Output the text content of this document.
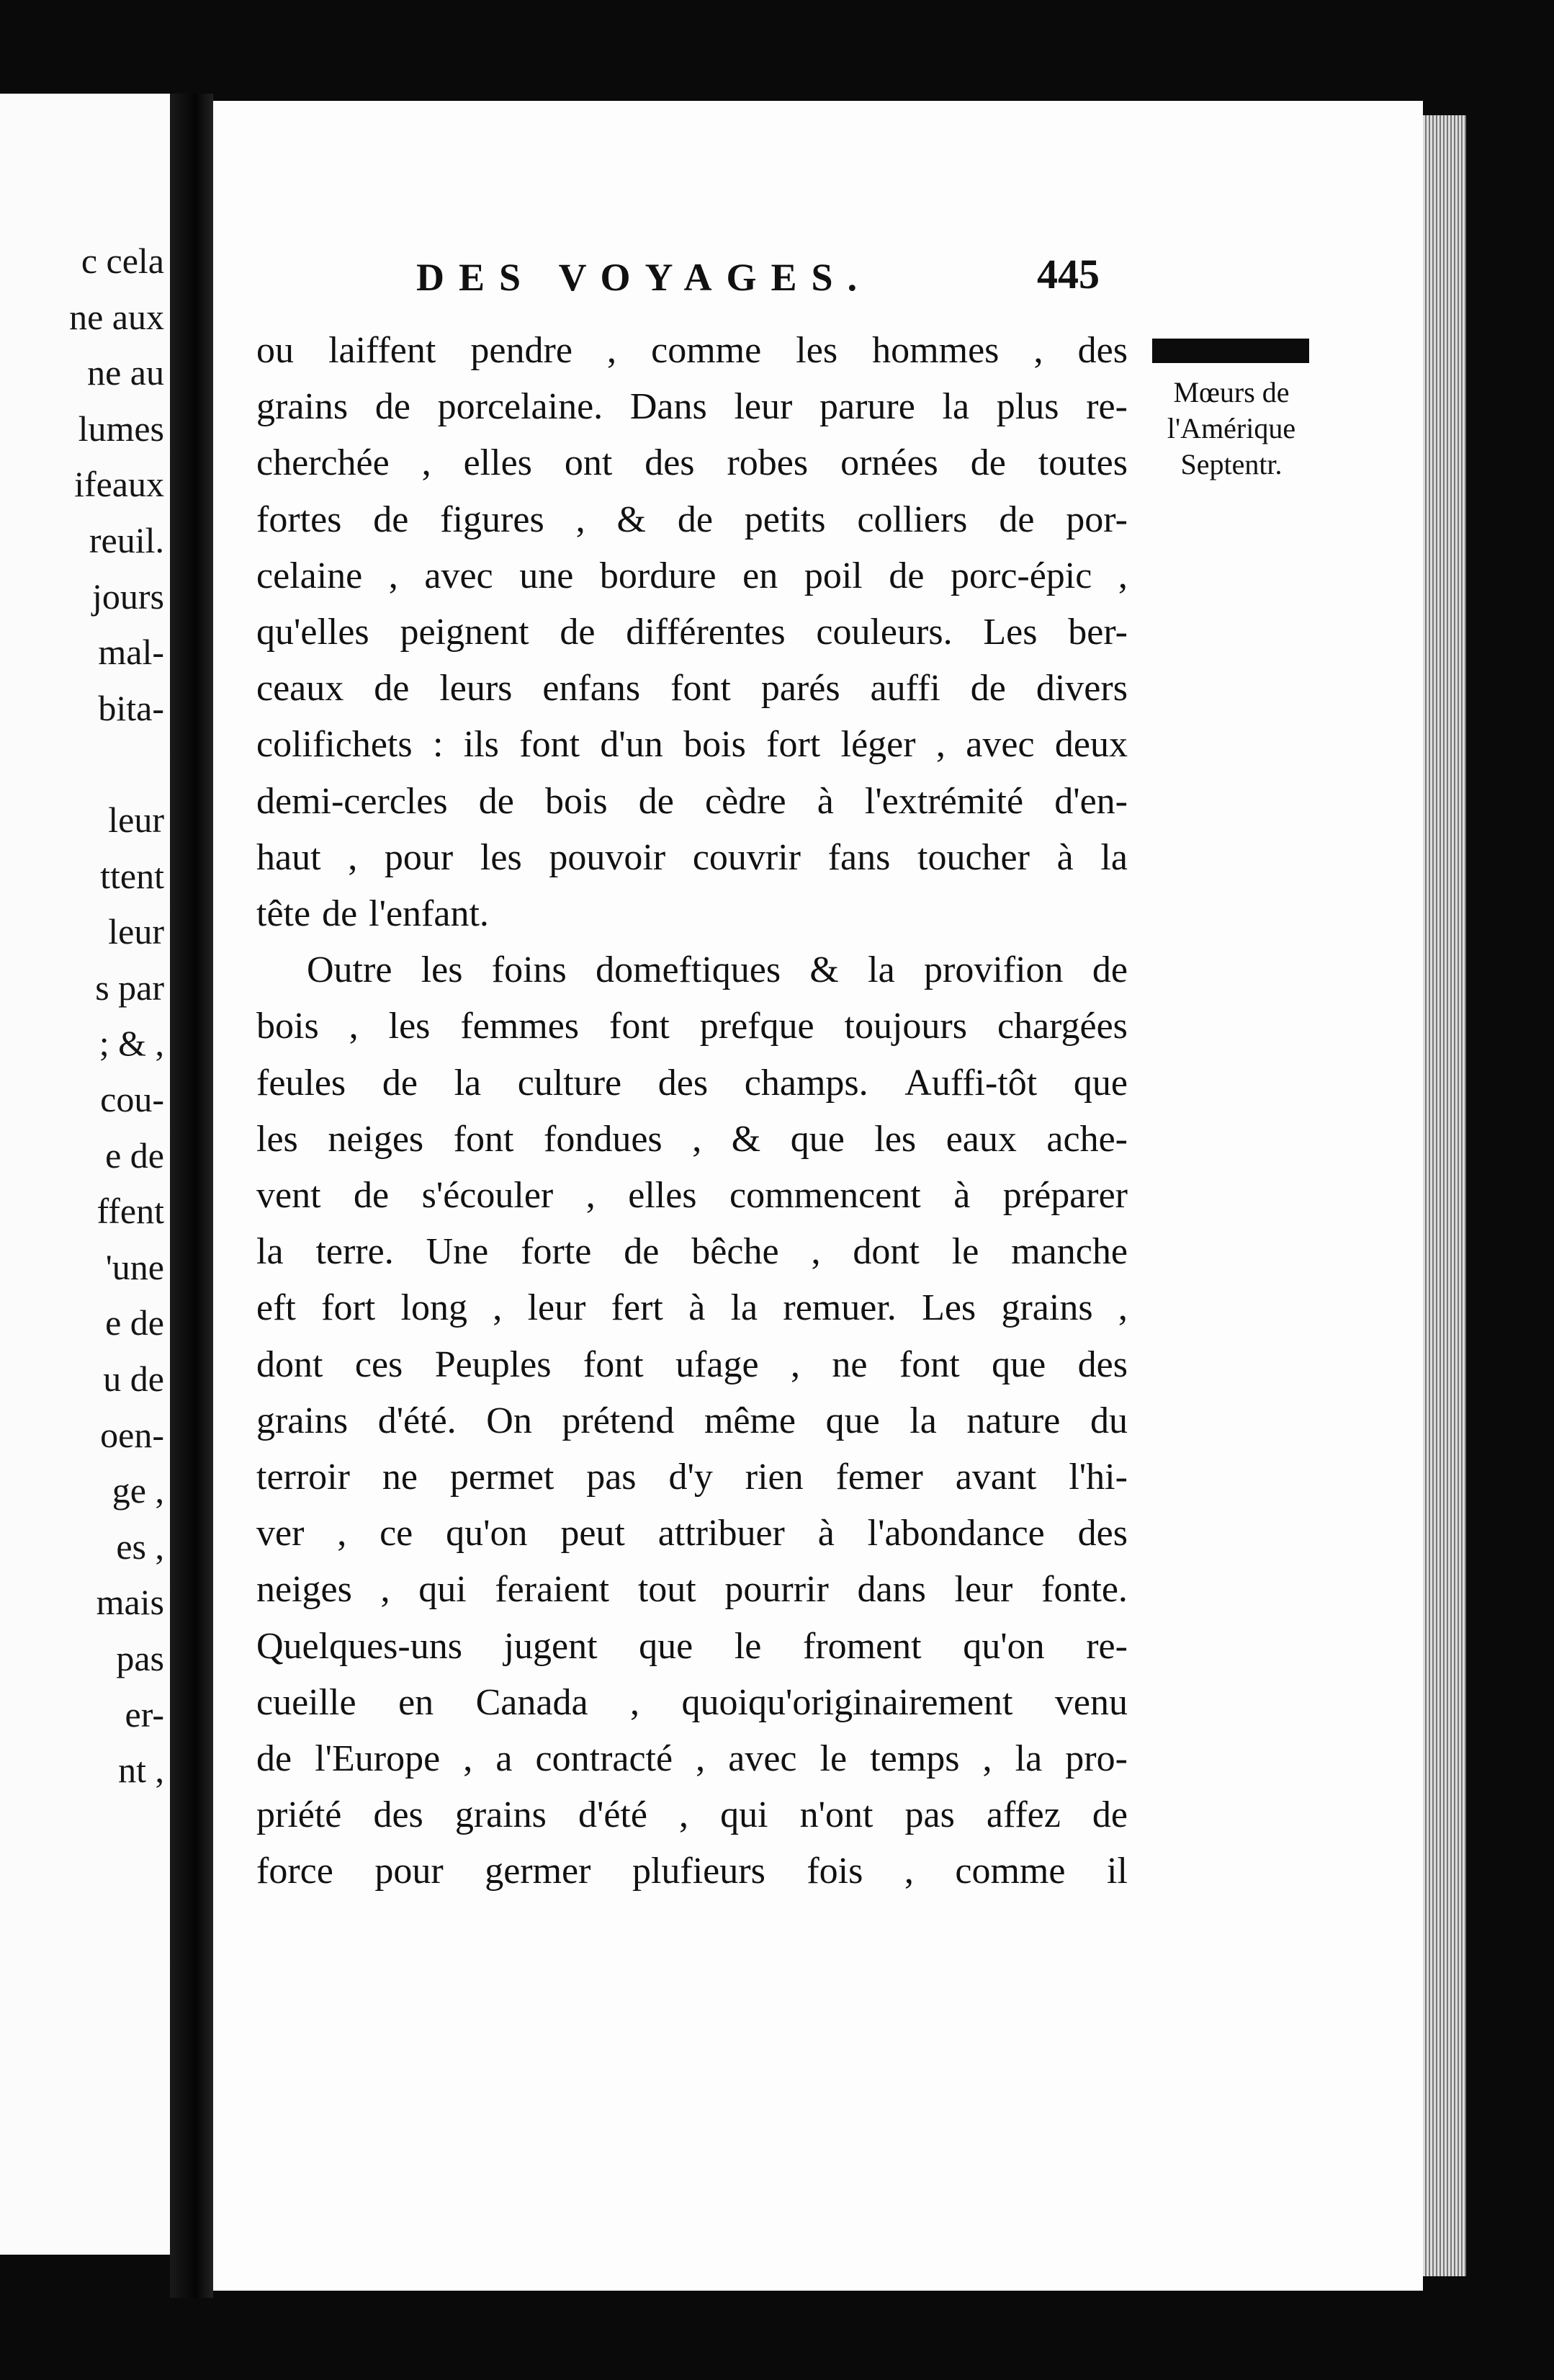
c cela
ne aux
ne au
lumes
ifeaux
reuil.
jours
mal-
bita-
leur
ttent
leur
s par
; & ,
cou-
e de
ffent
'une
e de
u de
oen-
ge ,
es ,
mais
pas
er-
nt ,
DES VOYAGES.	445
Mœurs de
l'Amérique
Septentr.
ou laiffent pendre , comme les hommes , des
grains de porcelaine. Dans leur parure la plus re-
cherchée , elles ont des robes ornées de toutes
fortes de figures , & de petits colliers de por-
celaine , avec une bordure en poil de porc-épic ,
qu'elles peignent de différentes couleurs. Les ber-
ceaux de leurs enfans font parés auffi de divers
colifichets : ils font d'un bois fort léger , avec deux
demi-cercles de bois de cèdre à l'extrémité d'en-
haut , pour les pouvoir couvrir fans toucher à la
tête de l'enfant.
Outre les foins domeftiques & la provifion de
bois , les femmes font prefque toujours chargées
feules de la culture des champs. Auffi-tôt que
les neiges font fondues , & que les eaux ache-
vent de s'écouler , elles commencent à préparer
la terre. Une forte de bêche , dont le manche
eft fort long , leur fert à la remuer. Les grains ,
dont ces Peuples font ufage , ne font que des
grains d'été. On prétend même que la nature du
terroir ne permet pas d'y rien femer avant l'hi-
ver , ce qu'on peut attribuer à l'abondance des
neiges , qui feraient tout pourrir dans leur fonte.
Quelques-uns jugent que le froment qu'on re-
cueille en Canada , quoiqu'originairement venu
de l'Europe , a contracté , avec le temps , la pro-
priété des grains d'été , qui n'ont pas affez de
force pour germer plufieurs fois , comme il
